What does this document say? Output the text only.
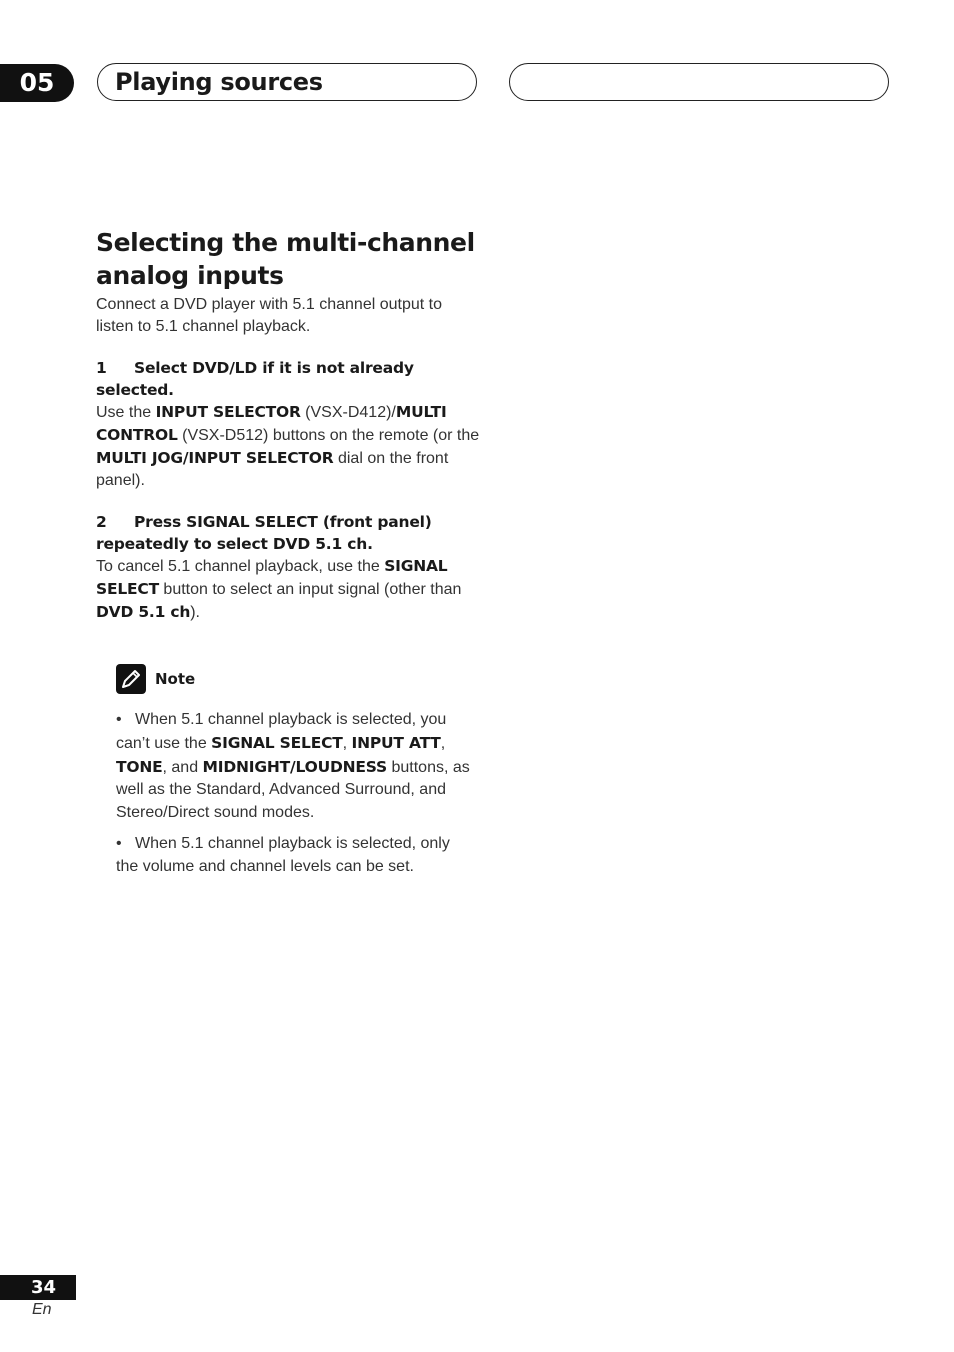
05	Playing sources
Selecting the multi-channel analog inputs

Connect a DVD player with 5.1 channel output to listen to 5.1 channel playback.

1 Select DVD/LD if it is not already selected.

Use the INPUT SELECTOR (VSX-D412)/MULTI CONTROL (VSX-D512) buttons on the remote (or the MULTI JOG/INPUT SELECTOR dial on the front panel).

2 Press SIGNAL SELECT (front panel) repeatedly to select DVD 5.1 ch.

To cancel 5.1 channel playback, use the SIGNAL SELECT button to select an input signal (other than DVD 5.1 ch).

Note
• When 5.1 channel playback is selected, you can’t use the SIGNAL SELECT, INPUT ATT, TONE, and MIDNIGHT/LOUDNESS buttons, as well as the Standard, Advanced Surround, and Stereo/Direct sound modes.
• When 5.1 channel playback is selected, only the volume and channel levels can be set.
34
En
